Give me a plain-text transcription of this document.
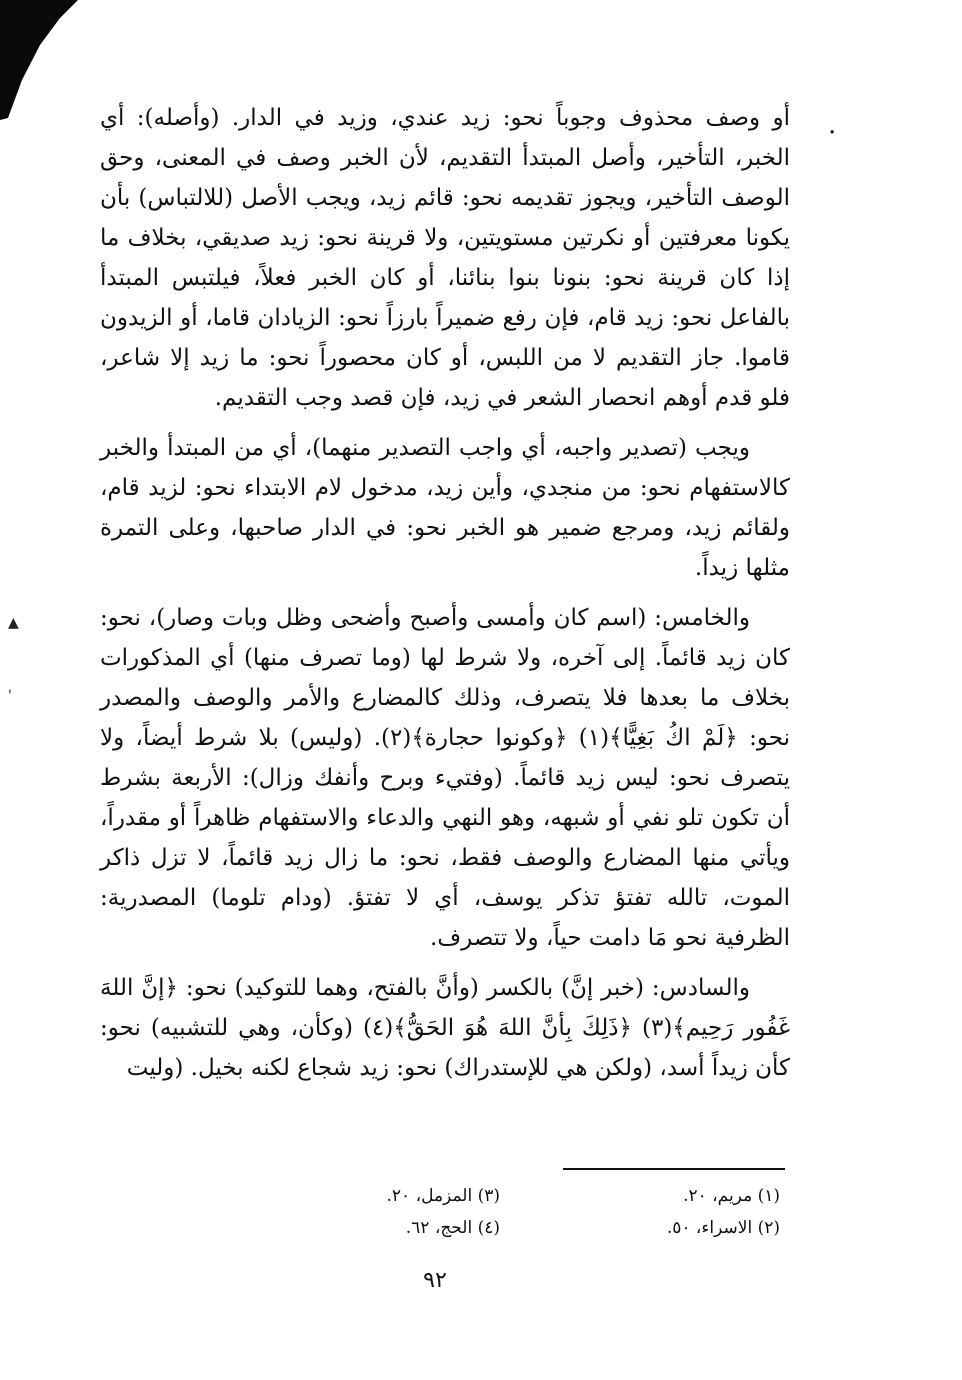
.
▲
'

أو وصف محذوف وجوباً نحو: زيد عندي، وزيد في الدار. (وأصله): أي الخبر، التأخير، وأصل المبتدأ التقديم، لأن الخبر وصف في المعنى، وحق الوصف التأخير، ويجوز تقديمه نحو: قائم زيد، ويجب الأصل (للالتباس) بأن يكونا معرفتين أو نكرتين مستويتين، ولا قرينة نحو: زيد صديقي، بخلاف ما إذا كان قرينة نحو: بنونا بنوا بنائنا، أو كان الخبر فعلاً، فيلتبس المبتدأ بالفاعل نحو: زيد قام، فإن رفع ضميراً بارزاً نحو: الزيادان قاما، أو الزيدون قاموا. جاز التقديم لا من اللبس، أو كان محصوراً نحو: ما زيد إلا شاعر، فلو قدم أوهم انحصار الشعر في زيد، فإن قصد وجب التقديم.

ويجب (تصدير واجبه، أي واجب التصدير منهما)، أي من المبتدأ والخبر كالاستفهام نحو: من منجدي، وأين زيد، مدخول لام الابتداء نحو: لزيد قام، ولقائم زيد، ومرجع ضمير هو الخبر نحو: في الدار صاحبها، وعلى التمرة مثلها زيداً.

والخامس: (اسم كان وأمسى وأصبح وأضحى وظل وبات وصار)، نحو: كان زيد قائماً. إلى آخره، ولا شرط لها (وما تصرف منها) أي المذكورات بخلاف ما بعدها فلا يتصرف، وذلك كالمضارع والأمر والوصف والمصدر نحو: ﴿لَمْ اكُ بَغِيًّا﴾(١) ﴿وكونوا حجارة﴾(٢). (وليس) بلا شرط أيضاً، ولا يتصرف نحو: ليس زيد قائماً. (وفتيء وبرح وأنفك وزال): الأربعة بشرط أن تكون تلو نفي أو شبهه، وهو النهي والدعاء والاستفهام ظاهراً أو مقدراً، ويأتي منها المضارع والوصف فقط، نحو: ما زال زيد قائماً، لا تزل ذاكر الموت، تالله تفتؤ تذكر يوسف، أي لا تفتؤ. (ودام تلوما) المصدرية: الظرفية نحو مَا دامت حياً، ولا تتصرف.

والسادس: (خبر إنَّ) بالكسر (وأنَّ بالفتح، وهما للتوكيد) نحو: ﴿إنَّ اللهَ غَفُور رَحِيم﴾(٣) ﴿ذَلِكَ بِأنَّ اللهَ هُوَ الحَقُّ﴾(٤) (وكأن، وهي للتشبيه) نحو: كأن زيداً أسد، (ولكن هي للإستدراك) نحو: زيد شجاع لكنه بخيل. (وليت

(١) مريم، ٢٠.
(٢) الاسراء، ٥٠.
(٣) المزمل، ٢٠.
(٤) الحج، ٦٢.
٩٢
